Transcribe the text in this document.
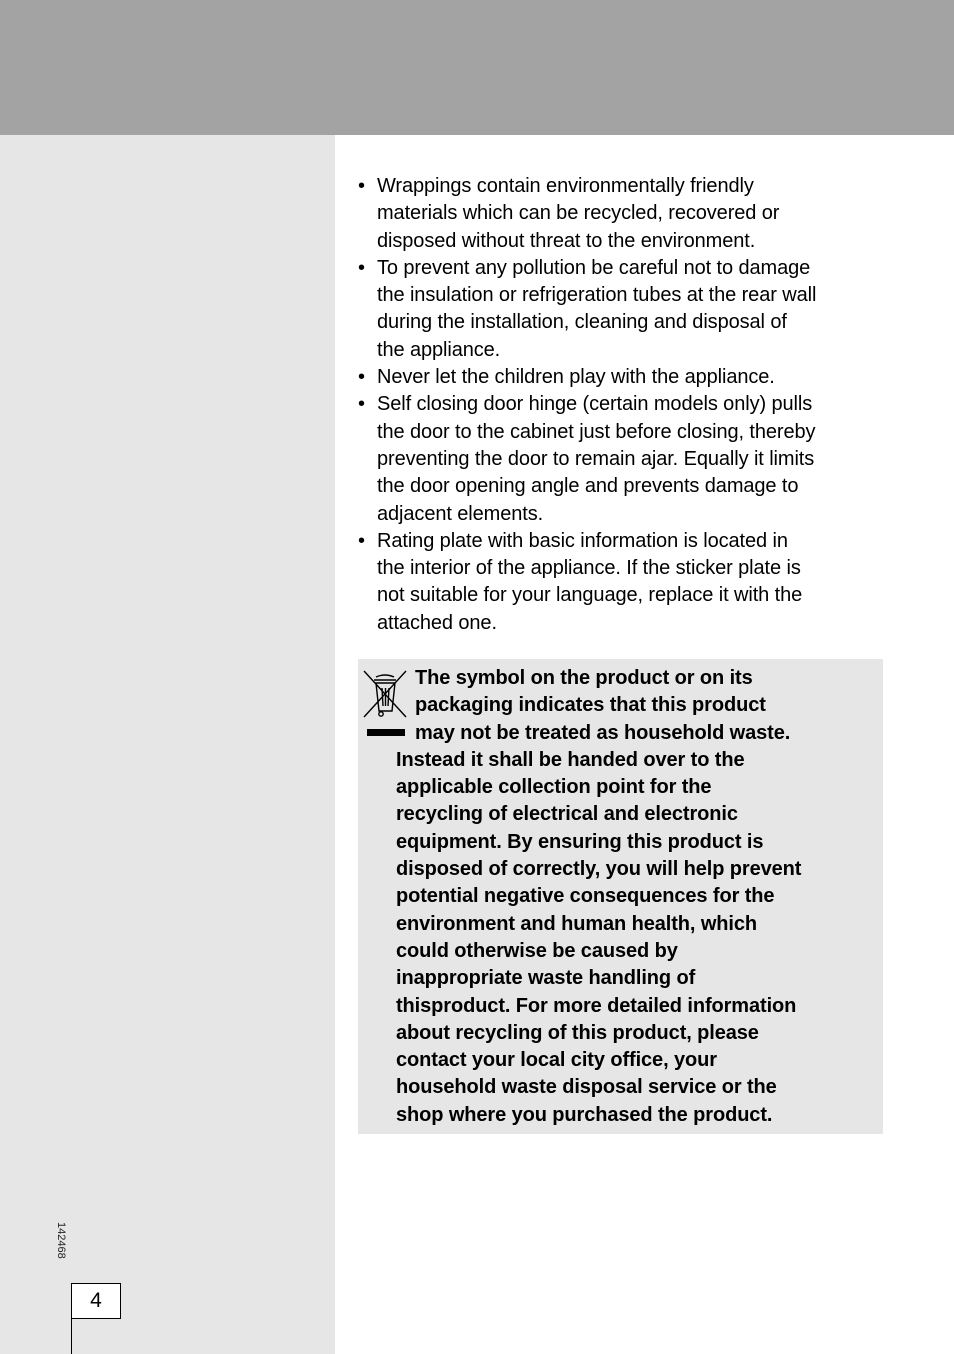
142468
4
• Wrappings contain environmentally friendly
materials which can be recycled, recovered or
disposed without threat to the environment.
• To prevent any pollution be careful not to damage
the insulation or refrigeration tubes at the rear wall
during the installation, cleaning and disposal of
the appliance.
• Never let the children play with the appliance.
• Self closing door hinge (certain models only) pulls
the door to the cabinet just before closing, thereby
preventing the door to remain ajar. Equally it limits
the door opening angle and prevents damage to
adjacent elements.
• Rating plate with basic information is located in
the interior of the appliance. If the sticker plate is
not suitable for your language, replace it with the
attached one.
The symbol on the product or on its
packaging indicates that this product
may not be treated as household waste.
Instead it shall be handed over to the
applicable collection point for the
recycling of electrical and electronic
equipment. By ensuring this product is
disposed of correctly, you will help prevent
potential negative consequences for the
environment and human health, which
could otherwise be caused by
inappropriate waste handling of
thisproduct. For more detailed information
about recycling of this product, please
contact your local city office, your
household waste disposal service or the
shop where you purchased the product.
